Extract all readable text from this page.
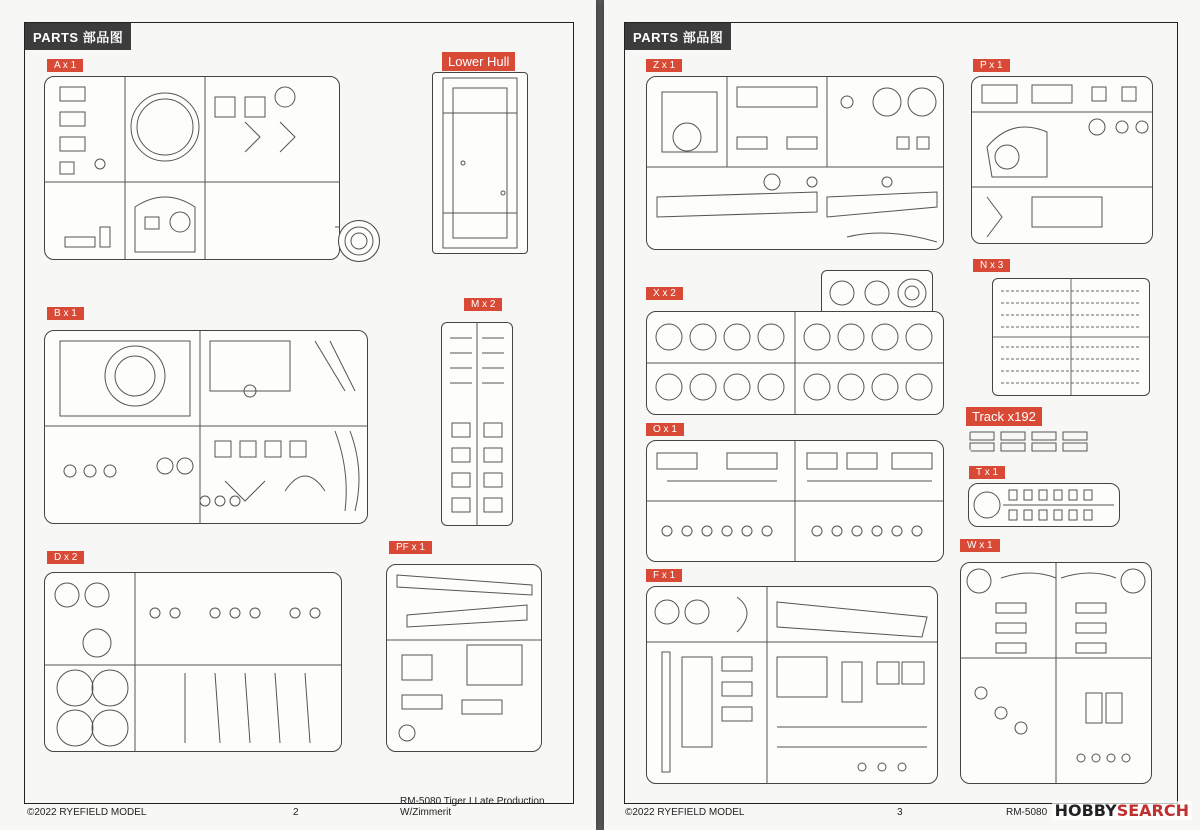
PARTS 部品图
A x 1	Lower Hull
B x 1
M x 2
D x 2
PF x 1
©2022 RYEFIELD MODEL	2
RM-5080 Tiger I Late Production W/Zimmerit
PARTS 部品图
Z x 1	P x 1
X x 2
N x 3
Track x192
O x 1
T x 1
F x 1
W x 1
©2022 RYEFIELD MODEL	3	RM-5080 HOBBYSEARCH
